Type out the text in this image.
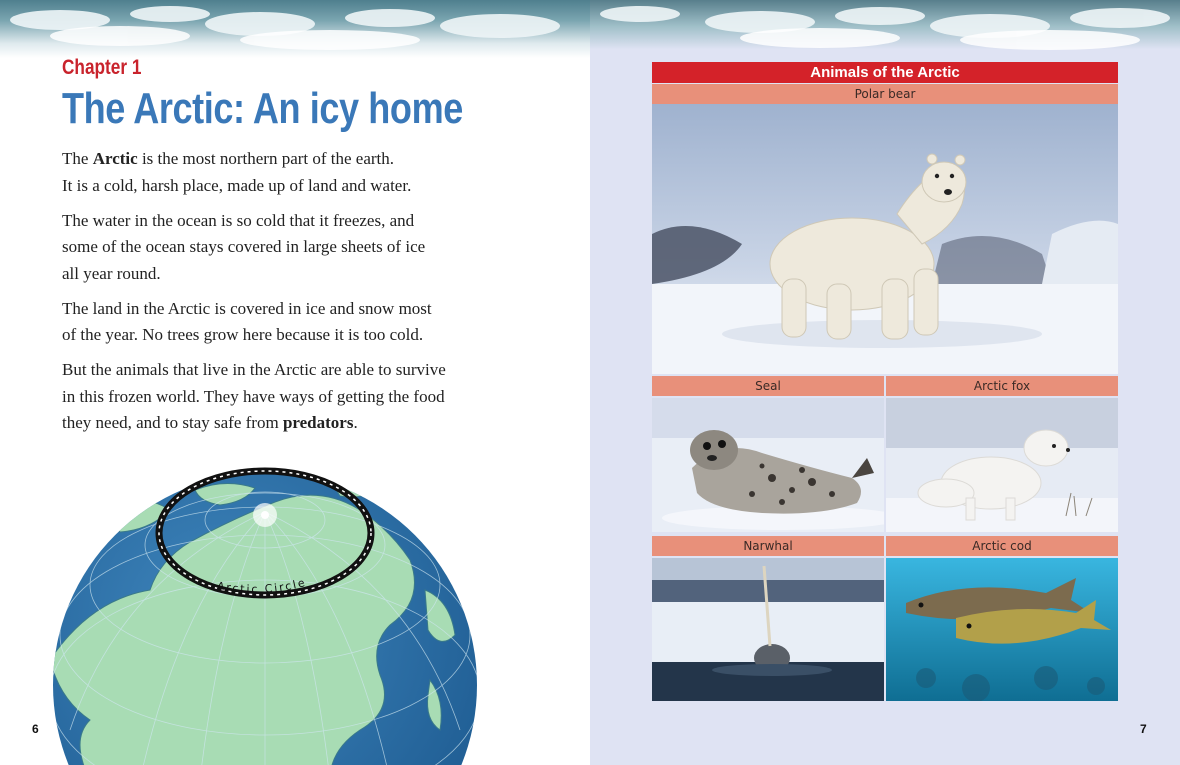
Chapter 1
The Arctic: An icy home

The Arctic is the most northern part of the earth.
It is a cold, harsh place, made up of land and water.

The water in the ocean is so cold that it freezes, and
some of the ocean stays covered in large sheets of ice
all year round.

The land in the Arctic is covered in ice and snow most
of the year. No trees grow here because it is too cold.

But the animals that live in the Arctic are able to survive
in this frozen world. They have ways of getting the food
they need, and to stay safe from predators.

Arctic Circle
6	7
Animals of the Arctic
Polar bear
Seal	Arctic fox
Narwhal	Arctic cod
